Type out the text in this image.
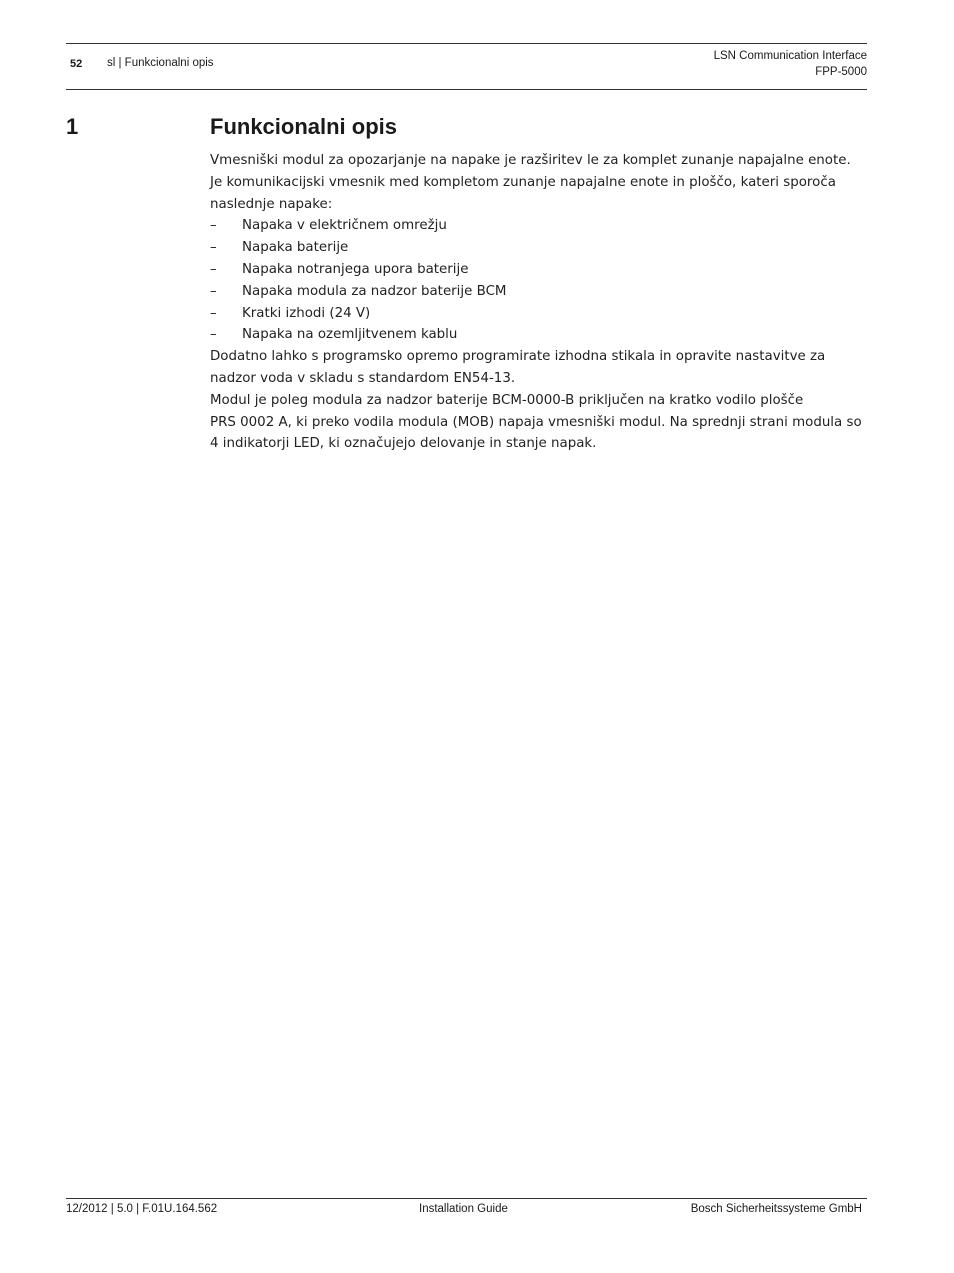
52 sl | Funkcionalni opis
LSN Communication Interface
FPP-5000
1	Funkcionalni opis

Vmesniški modul za opozarjanje na napake je razširitev le za komplet zunanje napajalne enote. Je komunikacijski vmesnik med kompletom zunanje napajalne enote in ploščo, kateri sporoča naslednje napake:

– Napaka v električnem omrežju
– Napaka baterije
– Napaka notranjega upora baterije
– Napaka modula za nadzor baterije BCM
– Kratki izhodi (24 V)
– Napaka na ozemljitvenem kablu

Dodatno lahko s programsko opremo programirate izhodna stikala in opravite nastavitve za nadzor voda v skladu s standardom EN54-13.

Modul je poleg modula za nadzor baterije BCM-0000-B priključen na kratko vodilo plošče
PRS 0002 A, ki preko vodila modula (MOB) napaja vmesniški modul. Na sprednji strani modula so 4 indikatorji LED, ki označujejo delovanje in stanje napak.

12/2012 | 5.0 | F.01U.164.562	Installation Guide	Bosch Sicherheitssysteme GmbH
